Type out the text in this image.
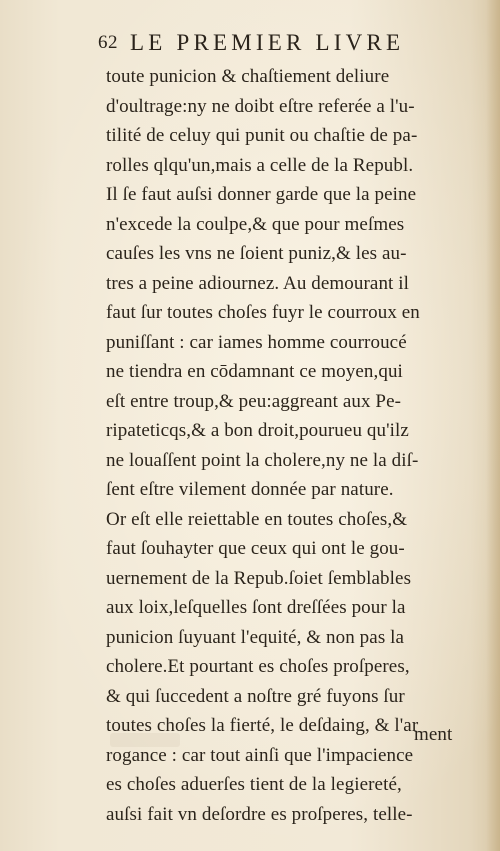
62 LE PREMIER LIVRE
toute punicion & chaſtiement deliure
d'oultrage:ny ne doibt eſtre referée a l'u-
tilité de celuy qui punit ou chaſtie de pa-
rolles qlqu'un,mais a celle de la Republ.
Il ſe faut auſsi donner garde que la peine
n'excede la coulpe,& que pour meſmes
cauſes les vns ne ſoient puniz,& les au-
tres a peine adiournez. Au demourant il
faut ſur toutes choſes fuyr le courroux en
puniſſant : car iames homme courroucé
ne tiendra en cōdamnant ce moyen,qui
eſt entre troup,& peu:aggreant aux Pe-
ripateticqs,& a bon droit,pourueu qu'ilz
ne louaſſent point la cholere,ny ne la diſ-
ſent eſtre vilement donnée par nature.
Or eſt elle reiettable en toutes choſes,&
faut ſouhayter que ceux qui ont le gou-
uernement de la Repub.ſoiet ſemblables
aux loix,leſquelles ſont dreſſées pour la
punicion ſuyuant l'equité, & non pas la
cholere.Et pourtant es choſes proſperes,
& qui ſuccedent a noſtre gré fuyons ſur
toutes choſes la fierté, le deſdaing, & l'ar
rogance : car tout ainſi que l'impacience
es choſes aduerſes tient de la legiereté,
auſsi fait vn deſordre es proſperes, telle-
ment
